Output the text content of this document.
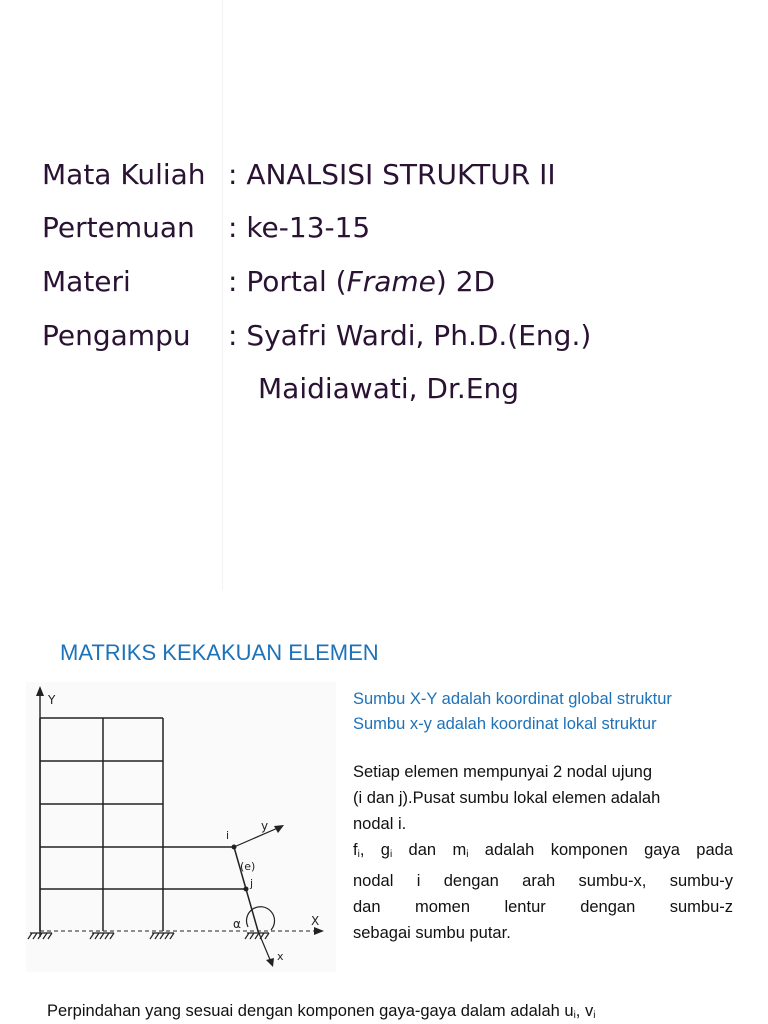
Mata Kuliah : ANALSISI STRUKTUR II
Pertemuan : ke-13-15
Materi	: Portal (Frame) 2D
Pengampu : Syafri Wardi, Ph.D.(Eng.)
Maidiawati, Dr.Eng
MATRIKS KEKAKUAN ELEMEN
Sumbu X-Y adalah koordinat global struktur
Sumbu x-y adalah koordinat lokal struktur
Setiap elemen mempunyai 2 nodal ujung
(i dan j).Pusat sumbu lokal elemen adalah
nodal i.
$f_i$, $g_i$ dan $m_i$ adalah komponen gaya pada
nodal i dengan arah sumbu-x, sumbu-y
dan momen lentur dengan sumbu-z
sebagai sumbu putar.
Y
X
y
x
i
(e)
j
α
Perpindahan yang sesuai dengan komponen gaya-gaya dalam adalah $u_i$, $v_i$
